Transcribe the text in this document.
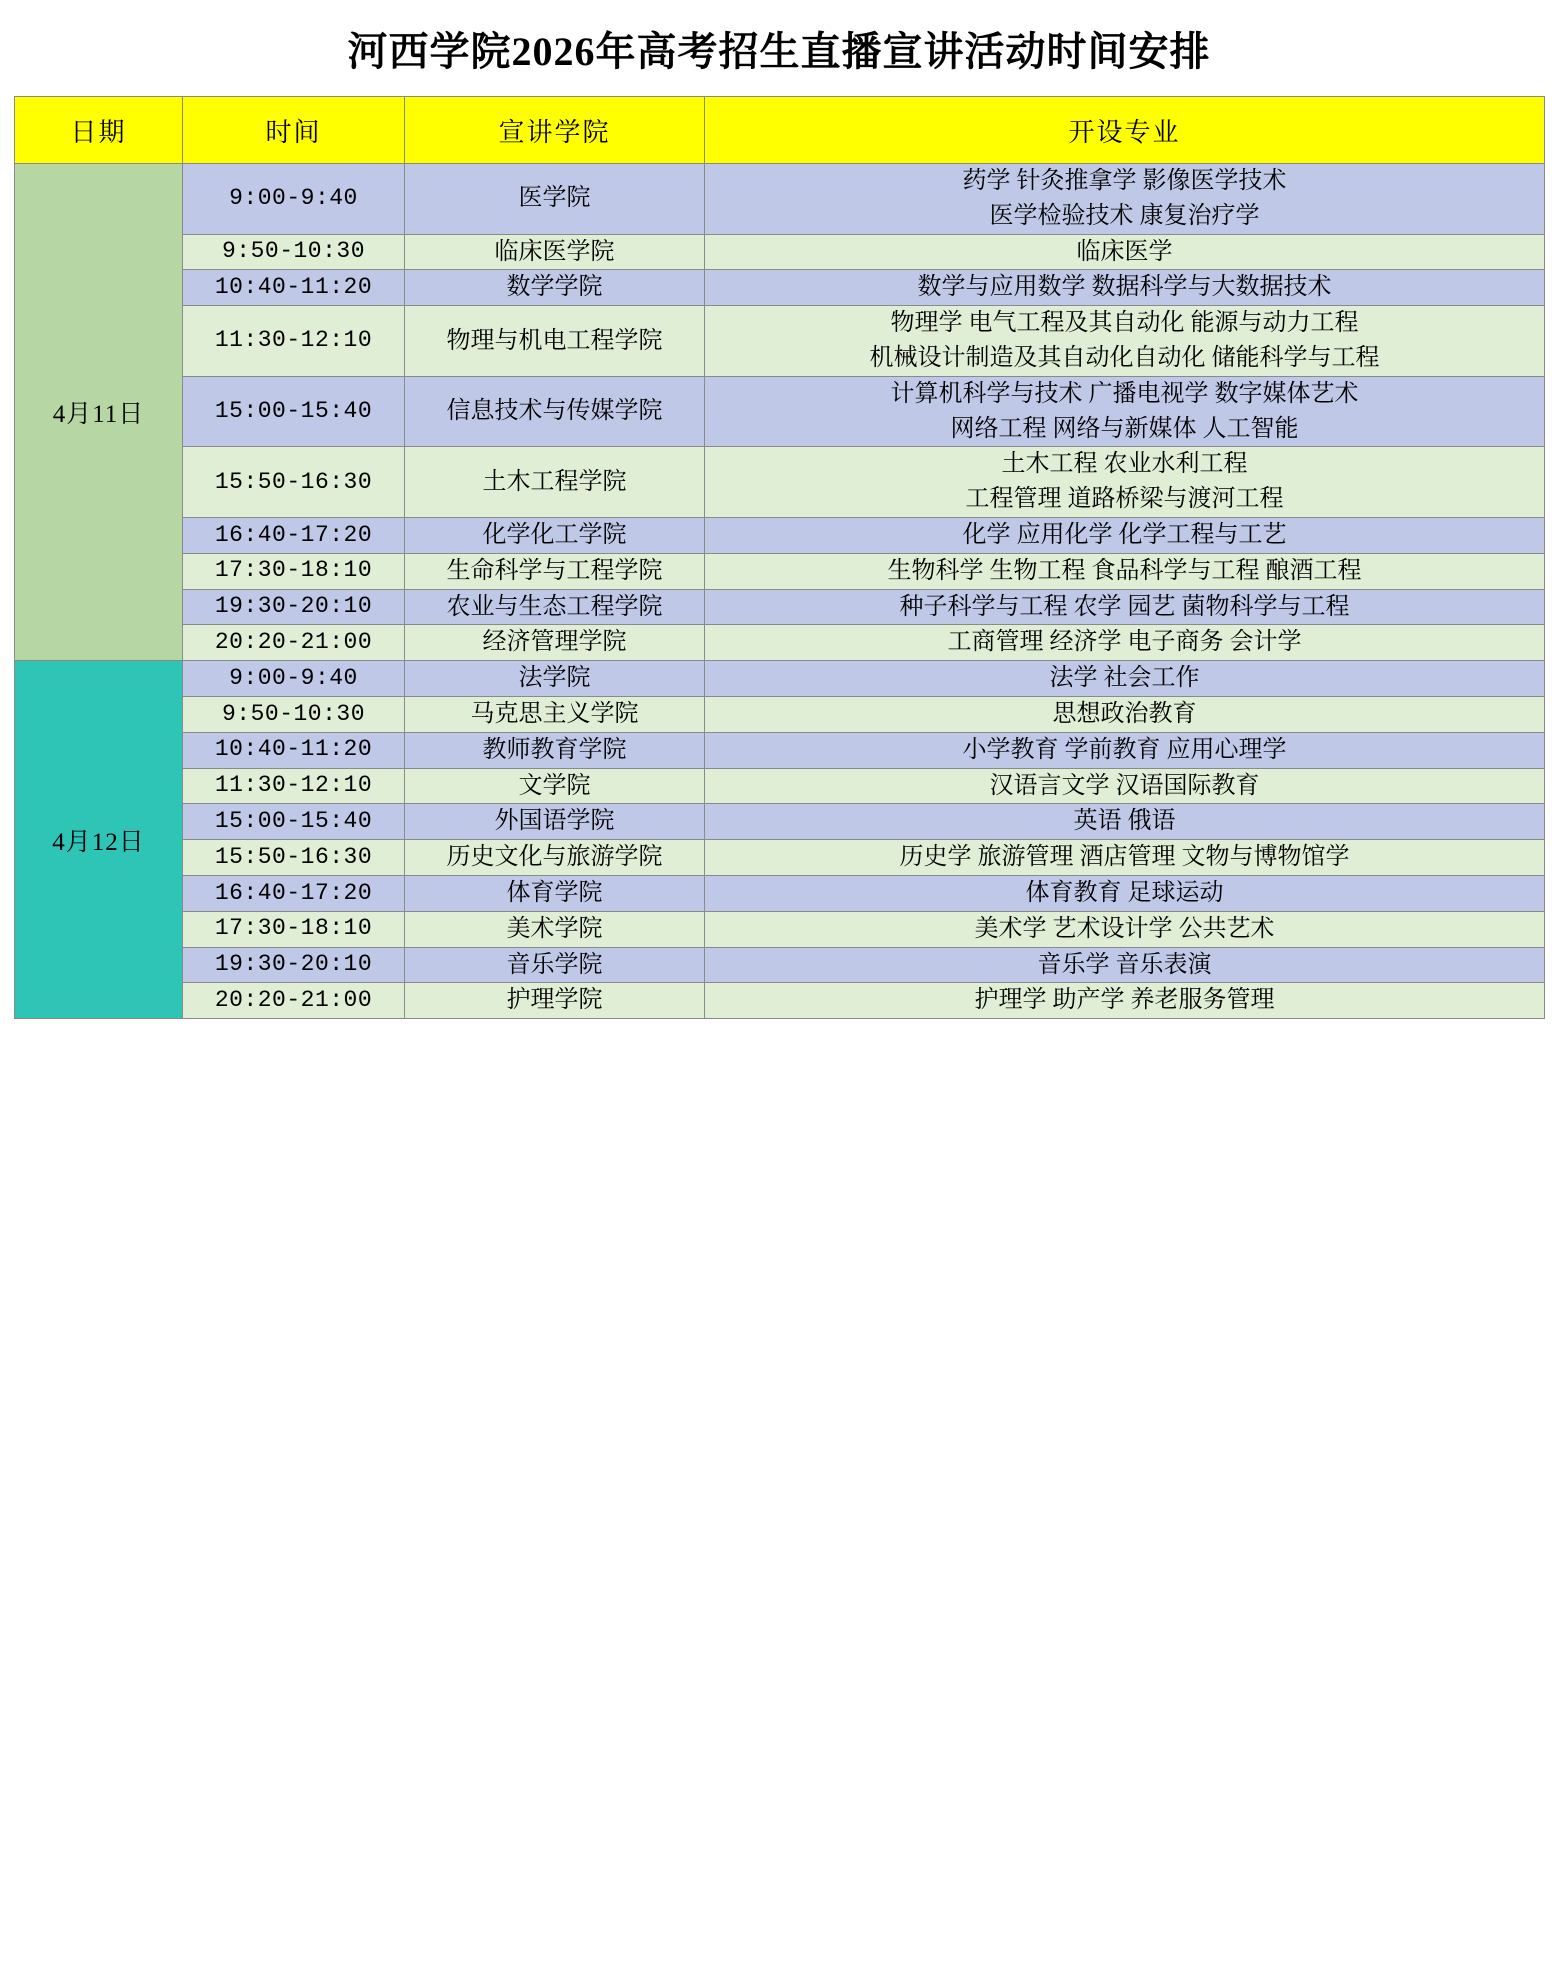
河西学院2026年高考招生直播宣讲活动时间安排
日期	时间	宣讲学院	开设专业
4月11日	9:00-9:40	医学院	药学 针灸推拿学 影像医学技术
医学检验技术 康复治疗学

	9:50-10:30	临床医学院	临床医学

	10:40-11:20	数学学院	数学与应用数学 数据科学与大数据技术

	11:30-12:10	物理与机电工程学院	物理学 电气工程及其自动化 能源与动力工程
机械设计制造及其自动化自动化 储能科学与工程

	15:00-15:40	信息技术与传媒学院	计算机科学与技术 广播电视学 数字媒体艺术
网络工程 网络与新媒体 人工智能

	15:50-16:30	土木工程学院	土木工程 农业水利工程
工程管理 道路桥梁与渡河工程

	16:40-17:20	化学化工学院	化学 应用化学 化学工程与工艺

	17:30-18:10	生命科学与工程学院	生物科学 生物工程 食品科学与工程 酿酒工程

	19:30-20:10	农业与生态工程学院	种子科学与工程 农学 园艺 菌物科学与工程

	20:20-21:00	经济管理学院	工商管理 经济学 电子商务 会计学

4月12日	9:00-9:40	法学院	法学 社会工作

	9:50-10:30	马克思主义学院	思想政治教育

	10:40-11:20	教师教育学院	小学教育 学前教育 应用心理学

	11:30-12:10	文学院	汉语言文学 汉语国际教育

	15:00-15:40	外国语学院	英语 俄语

	15:50-16:30	历史文化与旅游学院	历史学 旅游管理 酒店管理 文物与博物馆学

	16:40-17:20	体育学院	体育教育 足球运动

	17:30-18:10	美术学院	美术学 艺术设计学 公共艺术

	19:30-20:10	音乐学院	音乐学 音乐表演

	20:20-21:00	护理学院	护理学 助产学 养老服务管理
